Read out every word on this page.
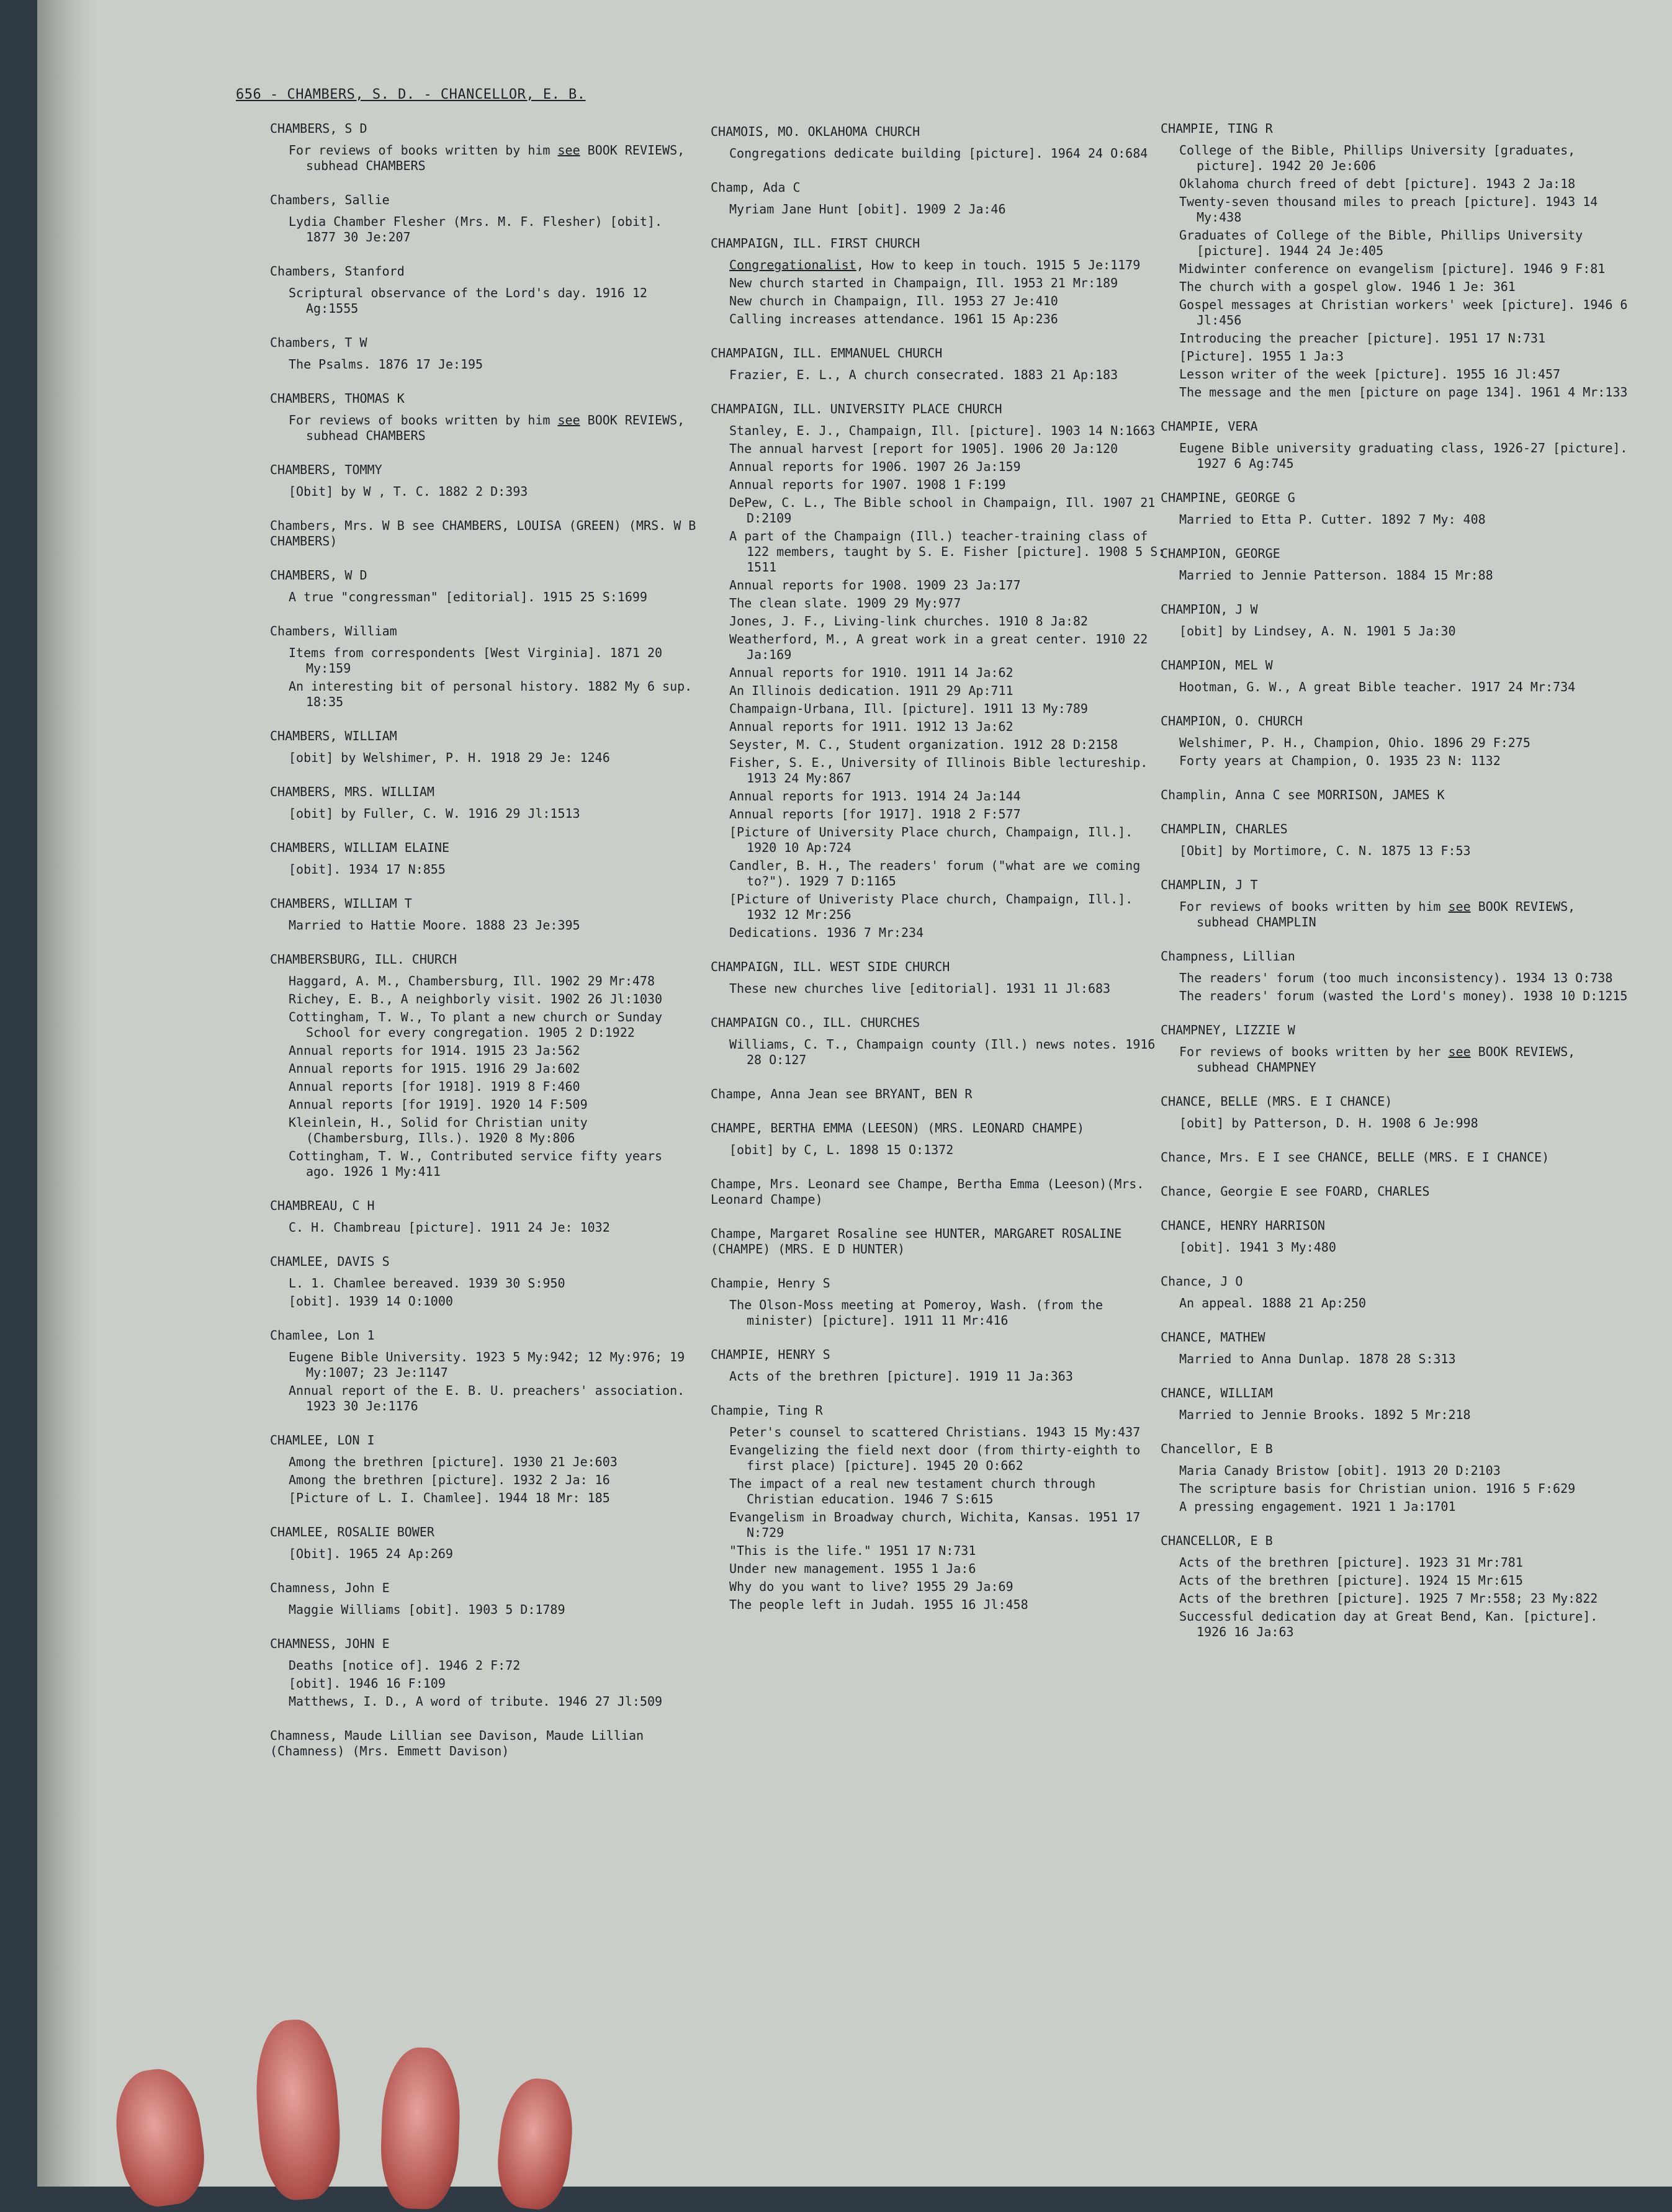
656 - CHAMBERS, S. D. - CHANCELLOR, E. B.
CHAMBERS, S D
For reviews of books written by him see BOOK REVIEWS, subhead CHAMBERS
Chambers, Sallie
Lydia Chamber Flesher (Mrs. M. F. Flesher) [obit]. 1877 30 Je:207
Chambers, Stanford
Scriptural observance of the Lord's day. 1916 12 Ag:1555
Chambers, T W
The Psalms. 1876 17 Je:195
CHAMBERS, THOMAS K
For reviews of books written by him see BOOK REVIEWS, subhead CHAMBERS
CHAMBERS, TOMMY
[Obit] by W , T. C. 1882 2 D:393
Chambers, Mrs. W B see CHAMBERS, LOUISA (GREEN) (MRS. W B CHAMBERS)
CHAMBERS, W D
A true "congressman" [editorial]. 1915 25 S:1699
Chambers, William
Items from correspondents [West Virginia]. 1871 20 My:159
An interesting bit of personal history. 1882 My 6 sup. 18:35
CHAMBERS, WILLIAM
[obit] by Welshimer, P. H. 1918 29 Je: 1246
CHAMBERS, MRS. WILLIAM
[obit] by Fuller, C. W. 1916 29 Jl:1513
CHAMBERS, WILLIAM ELAINE
[obit]. 1934 17 N:855
CHAMBERS, WILLIAM T
Married to Hattie Moore. 1888 23 Je:395
CHAMBERSBURG, ILL. CHURCH
Haggard, A. M., Chambersburg, Ill. 1902 29 Mr:478
Richey, E. B., A neighborly visit. 1902 26 Jl:1030
Cottingham, T. W., To plant a new church or Sunday School for every congregation. 1905 2 D:1922
Annual reports for 1914. 1915 23 Ja:562
Annual reports for 1915. 1916 29 Ja:602
Annual reports [for 1918]. 1919 8 F:460
Annual reports [for 1919]. 1920 14 F:509
Kleinlein, H., Solid for Christian unity (Chambersburg, Ills.). 1920 8 My:806
Cottingham, T. W., Contributed service fifty years ago. 1926 1 My:411
CHAMBREAU, C H
C. H. Chambreau [picture]. 1911 24 Je: 1032
CHAMLEE, DAVIS S
L. 1. Chamlee bereaved. 1939 30 S:950
[obit]. 1939 14 O:1000
Chamlee, Lon 1
Eugene Bible University. 1923 5 My:942; 12 My:976; 19 My:1007; 23 Je:1147
Annual report of the E. B. U. preachers' association. 1923 30 Je:1176
CHAMLEE, LON I
Among the brethren [picture]. 1930 21 Je:603
Among the brethren [picture]. 1932 2 Ja: 16
[Picture of L. I. Chamlee]. 1944 18 Mr: 185
CHAMLEE, ROSALIE BOWER
[Obit]. 1965 24 Ap:269
Chamness, John E
Maggie Williams [obit]. 1903 5 D:1789
CHAMNESS, JOHN E
Deaths [notice of]. 1946 2 F:72
[obit]. 1946 16 F:109
Matthews, I. D., A word of tribute. 1946 27 Jl:509
Chamness, Maude Lillian see Davison, Maude Lillian (Chamness) (Mrs. Emmett Davison)
CHAMOIS, MO. OKLAHOMA CHURCH
Congregations dedicate building [picture]. 1964 24 O:684
Champ, Ada C
Myriam Jane Hunt [obit]. 1909 2 Ja:46
CHAMPAIGN, ILL. FIRST CHURCH
Congregationalist, How to keep in touch. 1915 5 Je:1179
New church started in Champaign, Ill. 1953 21 Mr:189
New church in Champaign, Ill. 1953 27 Je:410
Calling increases attendance. 1961 15 Ap:236
CHAMPAIGN, ILL. EMMANUEL CHURCH
Frazier, E. L., A church consecrated. 1883 21 Ap:183
CHAMPAIGN, ILL. UNIVERSITY PLACE CHURCH
Stanley, E. J., Champaign, Ill. [picture]. 1903 14 N:1663
The annual harvest [report for 1905]. 1906 20 Ja:120
Annual reports for 1906. 1907 26 Ja:159
Annual reports for 1907. 1908 1 F:199
DePew, C. L., The Bible school in Champaign, Ill. 1907 21 D:2109
A part of the Champaign (Ill.) teacher-training class of 122 members, taught by S. E. Fisher [picture]. 1908 5 S: 1511
Annual reports for 1908. 1909 23 Ja:177
The clean slate. 1909 29 My:977
Jones, J. F., Living-link churches. 1910 8 Ja:82
Weatherford, M., A great work in a great center. 1910 22 Ja:169
Annual reports for 1910. 1911 14 Ja:62
An Illinois dedication. 1911 29 Ap:711
Champaign-Urbana, Ill. [picture]. 1911 13 My:789
Annual reports for 1911. 1912 13 Ja:62
Seyster, M. C., Student organization. 1912 28 D:2158
Fisher, S. E., University of Illinois Bible lectureship. 1913 24 My:867
Annual reports for 1913. 1914 24 Ja:144
Annual reports [for 1917]. 1918 2 F:577
[Picture of University Place church, Champaign, Ill.]. 1920 10 Ap:724
Candler, B. H., The readers' forum ("what are we coming to?"). 1929 7 D:1165
[Picture of Univeristy Place church, Champaign, Ill.]. 1932 12 Mr:256
Dedications. 1936 7 Mr:234
CHAMPAIGN, ILL. WEST SIDE CHURCH
These new churches live [editorial]. 1931 11 Jl:683
CHAMPAIGN CO., ILL. CHURCHES
Williams, C. T., Champaign county (Ill.) news notes. 1916 28 O:127
Champe, Anna Jean see BRYANT, BEN R
CHAMPE, BERTHA EMMA (LEESON) (MRS. LEONARD CHAMPE)
[obit] by C, L. 1898 15 O:1372
Champe, Mrs. Leonard see Champe, Bertha Emma (Leeson)(Mrs. Leonard Champe)
Champe, Margaret Rosaline see HUNTER, MARGARET ROSALINE (CHAMPE) (MRS. E D HUNTER)
Champie, Henry S
The Olson-Moss meeting at Pomeroy, Wash. (from the minister) [picture]. 1911 11 Mr:416
CHAMPIE, HENRY S
Acts of the brethren [picture]. 1919 11 Ja:363
Champie, Ting R
Peter's counsel to scattered Christians. 1943 15 My:437
Evangelizing the field next door (from thirty-eighth to first place) [picture]. 1945 20 O:662
The impact of a real new testament church through Christian education. 1946 7 S:615
Evangelism in Broadway church, Wichita, Kansas. 1951 17 N:729
"This is the life." 1951 17 N:731
Under new management. 1955 1 Ja:6
Why do you want to live? 1955 29 Ja:69
The people left in Judah. 1955 16 Jl:458
CHAMPIE, TING R
College of the Bible, Phillips University [graduates, picture]. 1942 20 Je:606
Oklahoma church freed of debt [picture]. 1943 2 Ja:18
Twenty-seven thousand miles to preach [picture]. 1943 14 My:438
Graduates of College of the Bible, Phillips University [picture]. 1944 24 Je:405
Midwinter conference on evangelism [picture]. 1946 9 F:81
The church with a gospel glow. 1946 1 Je: 361
Gospel messages at Christian workers' week [picture]. 1946 6 Jl:456
Introducing the preacher [picture]. 1951 17 N:731
[Picture]. 1955 1 Ja:3
Lesson writer of the week [picture]. 1955 16 Jl:457
The message and the men [picture on page 134]. 1961 4 Mr:133
CHAMPIE, VERA
Eugene Bible university graduating class, 1926-27 [picture]. 1927 6 Ag:745
CHAMPINE, GEORGE G
Married to Etta P. Cutter. 1892 7 My: 408
CHAMPION, GEORGE
Married to Jennie Patterson. 1884 15 Mr:88
CHAMPION, J W
[obit] by Lindsey, A. N. 1901 5 Ja:30
CHAMPION, MEL W
Hootman, G. W., A great Bible teacher. 1917 24 Mr:734
CHAMPION, O. CHURCH
Welshimer, P. H., Champion, Ohio. 1896 29 F:275
Forty years at Champion, O. 1935 23 N: 1132
Champlin, Anna C see MORRISON, JAMES K
CHAMPLIN, CHARLES
[Obit] by Mortimore, C. N. 1875 13 F:53
CHAMPLIN, J T
For reviews of books written by him see BOOK REVIEWS, subhead CHAMPLIN
Champness, Lillian
The readers' forum (too much inconsistency). 1934 13 O:738
The readers' forum (wasted the Lord's money). 1938 10 D:1215
CHAMPNEY, LIZZIE W
For reviews of books written by her see BOOK REVIEWS, subhead CHAMPNEY
CHANCE, BELLE (MRS. E I CHANCE)
[obit] by Patterson, D. H. 1908 6 Je:998
Chance, Mrs. E I see CHANCE, BELLE (MRS. E I CHANCE)
Chance, Georgie E see FOARD, CHARLES
CHANCE, HENRY HARRISON
[obit]. 1941 3 My:480
Chance, J O
An appeal. 1888 21 Ap:250
CHANCE, MATHEW
Married to Anna Dunlap. 1878 28 S:313
CHANCE, WILLIAM
Married to Jennie Brooks. 1892 5 Mr:218
Chancellor, E B
Maria Canady Bristow [obit]. 1913 20 D:2103
The scripture basis for Christian union. 1916 5 F:629
A pressing engagement. 1921 1 Ja:1701
CHANCELLOR, E B
Acts of the brethren [picture]. 1923 31 Mr:781
Acts of the brethren [picture]. 1924 15 Mr:615
Acts of the brethren [picture]. 1925 7 Mr:558; 23 My:822
Successful dedication day at Great Bend, Kan. [picture]. 1926 16 Ja:63
